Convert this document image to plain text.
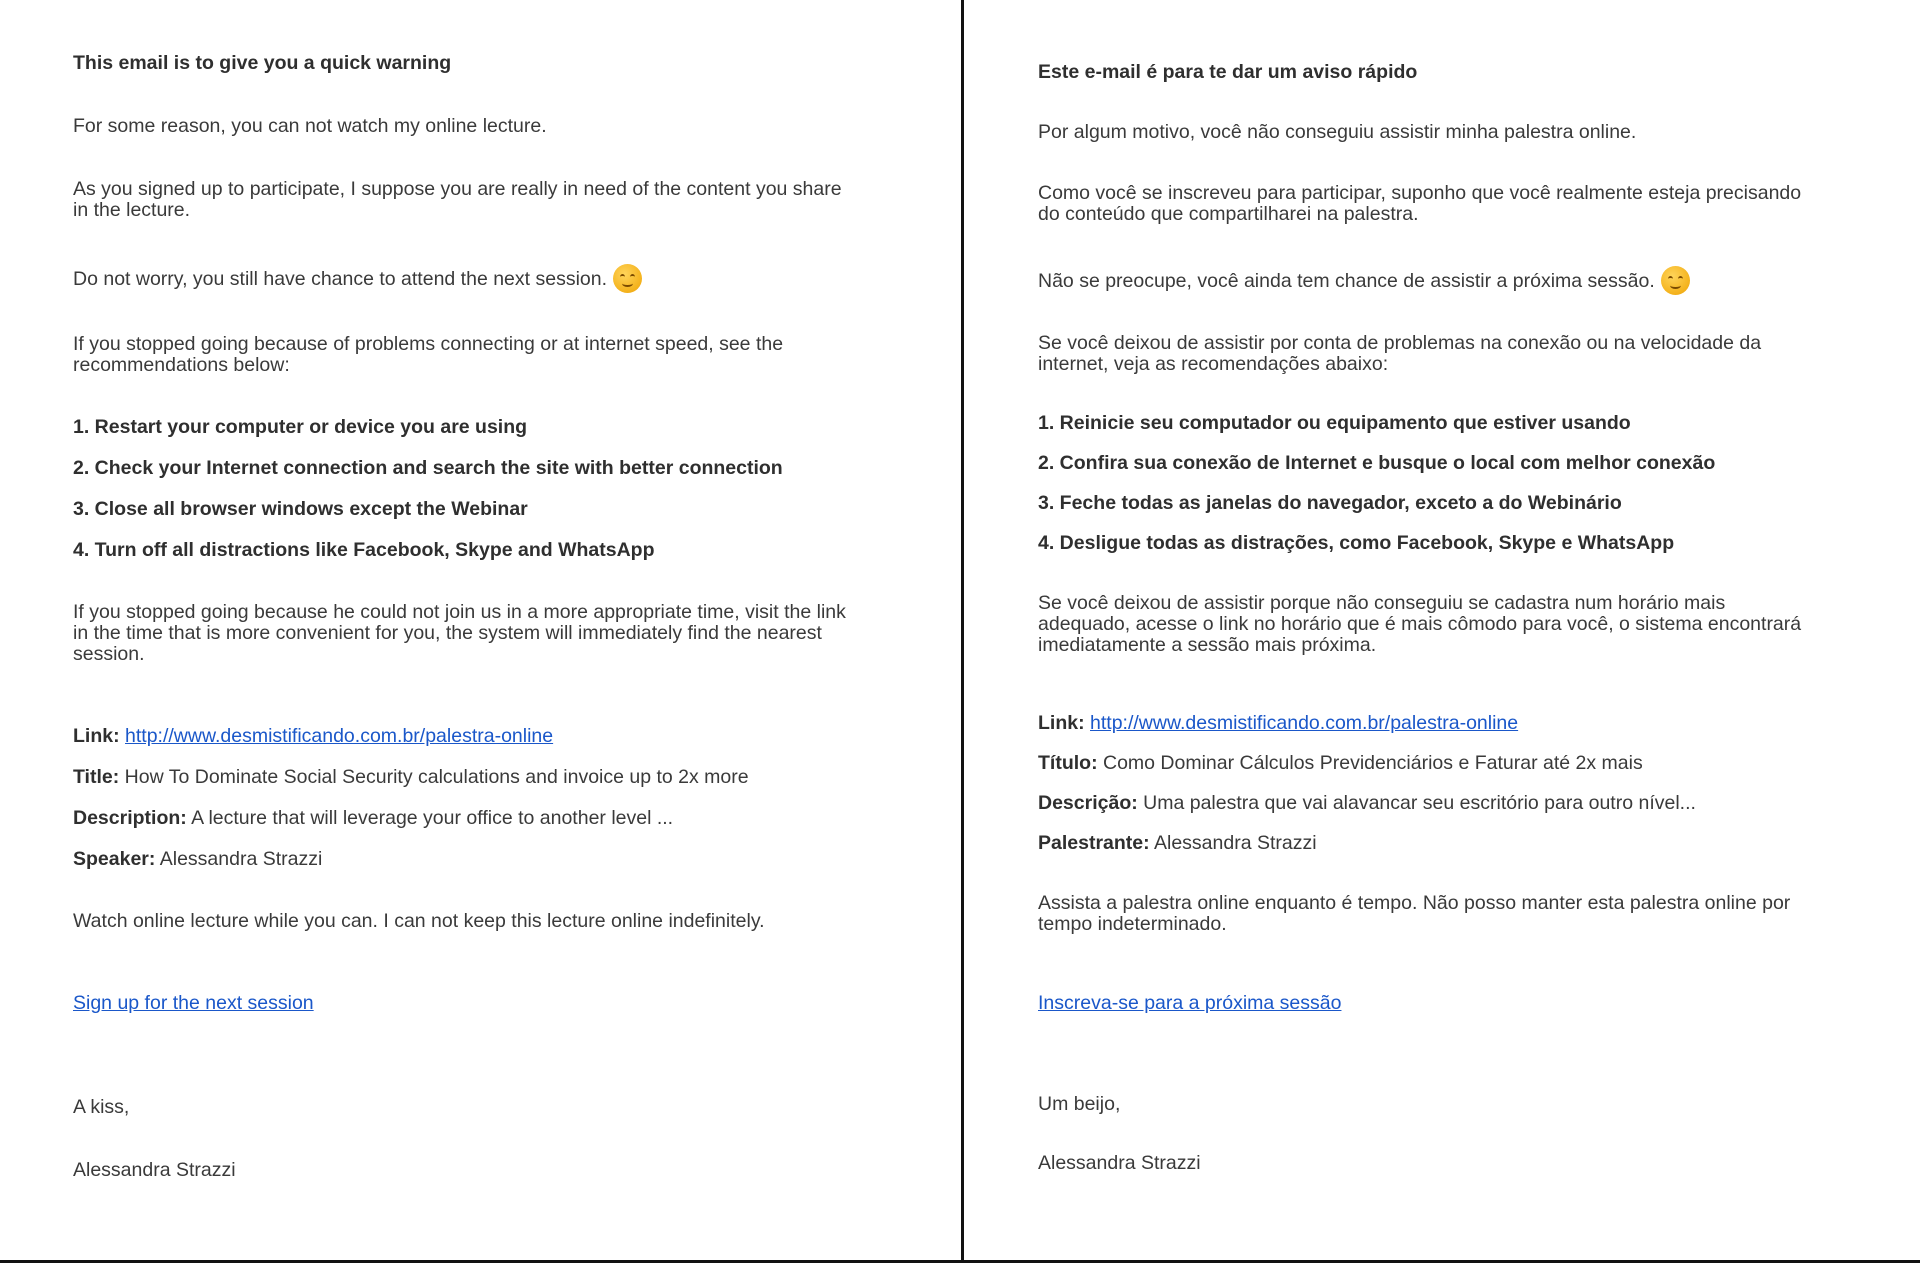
This email is to give you a quick warning
For some reason, you can not watch my online lecture.
As you signed up to participate, I suppose you are really in need of the content you share
in the lecture.
Do not worry, you still have chance to attend the next session.
If you stopped going because of problems connecting or at internet speed, see the
recommendations below:
1. Restart your computer or device you are using
2. Check your Internet connection and search the site with better connection
3. Close all browser windows except the Webinar
4. Turn off all distractions like Facebook, Skype and WhatsApp
If you stopped going because he could not join us in a more appropriate time, visit the link
in the time that is more convenient for you, the system will immediately find the nearest
session.
Link: http://www.desmistificando.com.br/palestra-online
Title: How To Dominate Social Security calculations and invoice up to 2x more
Description: A lecture that will leverage your office to another level ...
Speaker: Alessandra Strazzi
Watch online lecture while you can. I can not keep this lecture online indefinitely.
Sign up for the next session
A kiss,
Alessandra Strazzi
Este e-mail é para te dar um aviso rápido
Por algum motivo, você não conseguiu assistir minha palestra online.
Como você se inscreveu para participar, suponho que você realmente esteja precisando
do conteúdo que compartilharei na palestra.
Não se preocupe, você ainda tem chance de assistir a próxima sessão.
Se você deixou de assistir por conta de problemas na conexão ou na velocidade da
internet, veja as recomendações abaixo:
1. Reinicie seu computador ou equipamento que estiver usando
2. Confira sua conexão de Internet e busque o local com melhor conexão
3. Feche todas as janelas do navegador, exceto a do Webinário
4. Desligue todas as distrações, como Facebook, Skype e WhatsApp
Se você deixou de assistir porque não conseguiu se cadastra num horário mais
adequado, acesse o link no horário que é mais cômodo para você, o sistema encontrará
imediatamente a sessão mais próxima.
Link: http://www.desmistificando.com.br/palestra-online
Título: Como Dominar Cálculos Previdenciários e Faturar até 2x mais
Descrição: Uma palestra que vai alavancar seu escritório para outro nível...
Palestrante: Alessandra Strazzi
Assista a palestra online enquanto é tempo. Não posso manter esta palestra online por
tempo indeterminado.
Inscreva-se para a próxima sessão
Um beijo,
Alessandra Strazzi
